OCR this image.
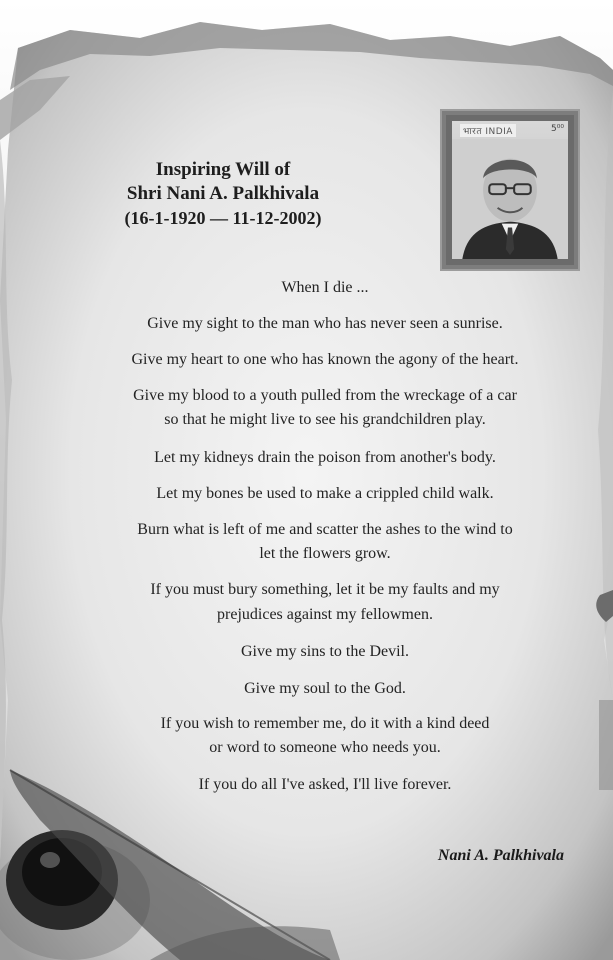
भारत INDIA	5⁰⁰
Inspiring Will of
Shri Nani A. Palkhivala
(16-1-1920 — 11-12-2002)
When I die ...
Give my sight to the man who has never seen a sunrise.
Give my heart to one who has known the agony of the heart.
Give my blood to a youth pulled from the wreckage of a car
so that he might live to see his grandchildren play.
Let my kidneys drain the poison from another's body.
Let my bones be used to make a crippled child walk.
Burn what is left of me and scatter the ashes to the wind to
let the flowers grow.
If you must bury something, let it be my faults and my
prejudices against my fellowmen.
Give my sins to the Devil.
Give my soul to the God.
If you wish to remember me, do it with a kind deed
or word to someone who needs you.
If you do all I've asked, I'll live forever.
Nani A. Palkhivala
